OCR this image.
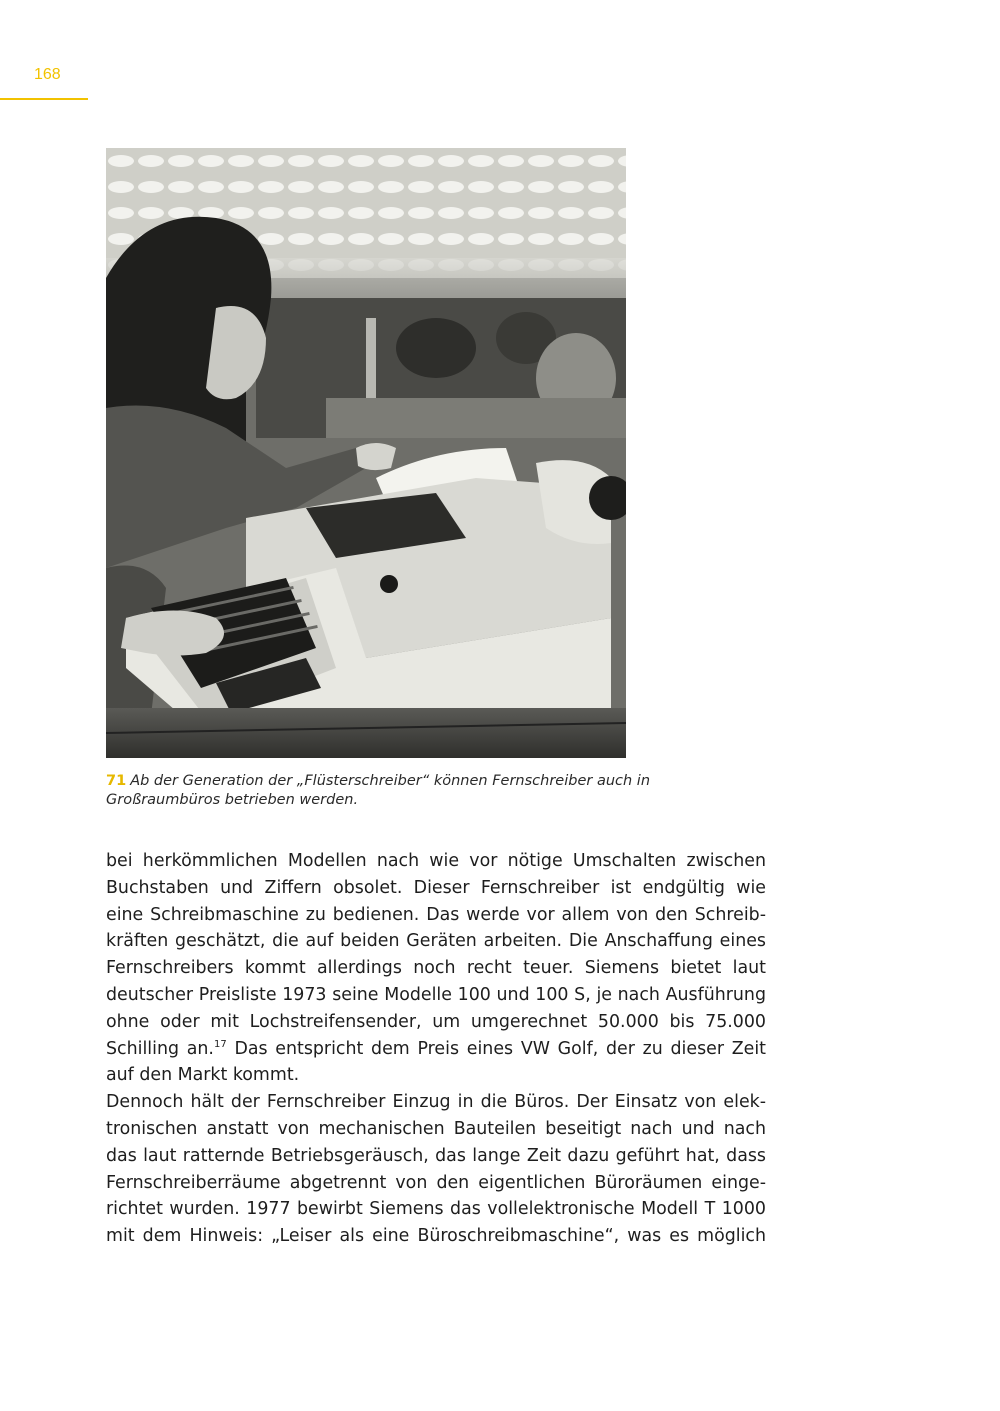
168
71 Ab der Generation der „Flüsterschreiber“ können Fernschreiber auch in
Großraumbüros betrieben werden.

bei herkömmlichen Modellen nach wie vor nötige Umschalten zwischen
Buchstaben und Ziffern obsolet. Dieser Fernschreiber ist endgültig wie
eine Schreibmaschine zu bedienen. Das werde vor allem von den Schreib-
kräften geschätzt, die auf beiden Geräten arbeiten. Die Anschaffung eines
Fernschreibers kommt allerdings noch recht teuer. Siemens bietet laut
deutscher Preisliste 1973 seine Modelle 100 und 100 S, je nach Ausführung
ohne oder mit Lochstreifensender, um umgerechnet 50.000 bis 75.000
Schilling an.$^{17}$ Das entspricht dem Preis eines VW Golf, der zu dieser Zeit
auf den Markt kommt.

Dennoch hält der Fernschreiber Einzug in die Büros. Der Einsatz von elek-
tronischen anstatt von mechanischen Bauteilen beseitigt nach und nach
das laut ratternde Betriebsgeräusch, das lange Zeit dazu geführt hat, dass
Fernschreiberräume abgetrennt von den eigentlichen Büroräumen einge-
richtet wurden. 1977 bewirbt Siemens das vollelektronische Modell T 1000
mit dem Hinweis: „Leiser als eine Büroschreibmaschine“, was es möglich
